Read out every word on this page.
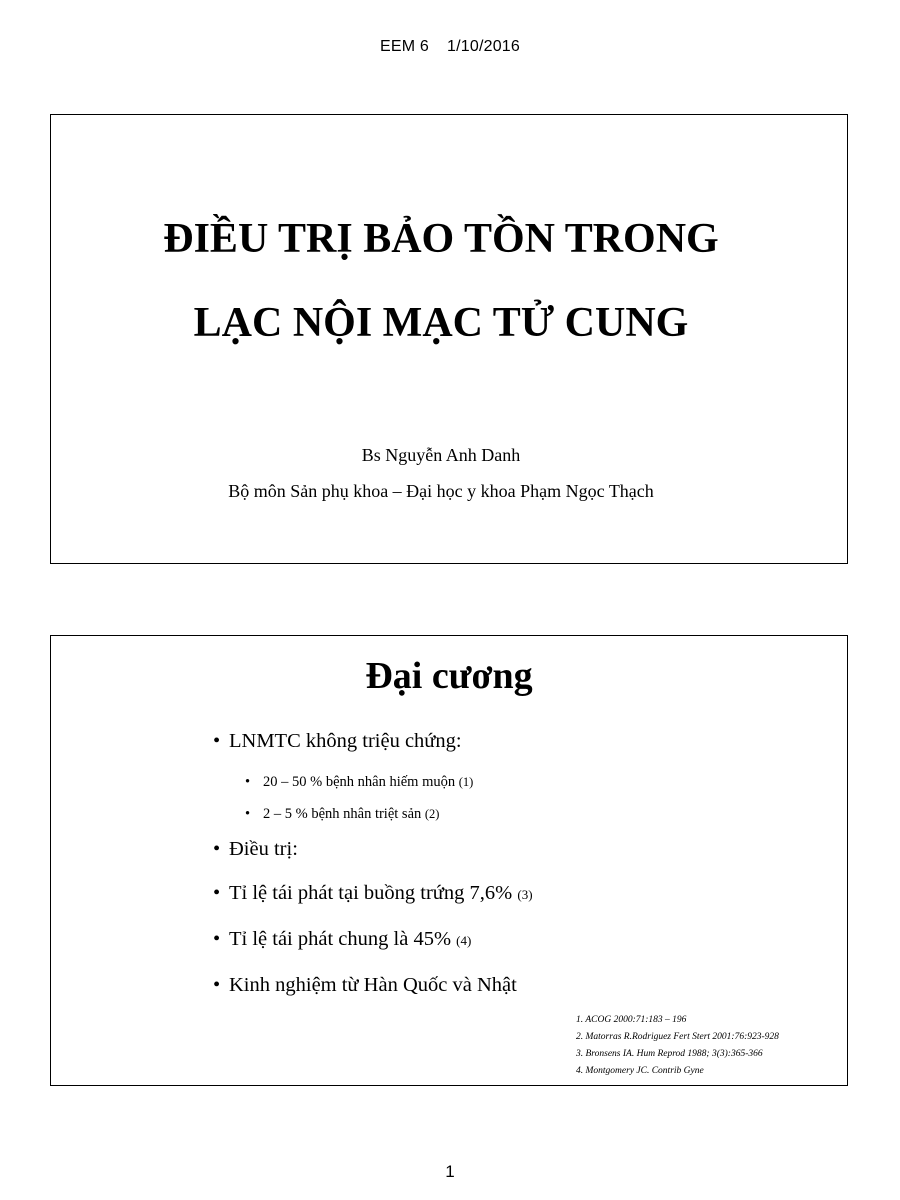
EEM 6 1/10/2016
ĐIỀU TRỊ BẢO TỒN TRONG
LẠC NỘI MẠC TỬ CUNG
Bs Nguyễn Anh Danh
Bộ môn Sản phụ khoa – Đại học y khoa Phạm Ngọc Thạch
Đại cương
• LNMTC không triệu chứng:
• 20 – 50 % bệnh nhân hiếm muộn (1)
• 2 – 5 % bệnh nhân triệt sản (2)
• Điều trị:
• Tỉ lệ tái phát tại buồng trứng 7,6% (3)
• Tỉ lệ tái phát chung là 45% (4)
• Kinh nghiệm từ Hàn Quốc và Nhật
1. ACOG 2000:71:183 – 196
2. Matorras R.Rodriguez Fert Stert 2001:76:923-928
3. Bronsens IA. Hum Reprod 1988; 3(3):365-366
4. Montgomery JC. Contrib Gyne
1
